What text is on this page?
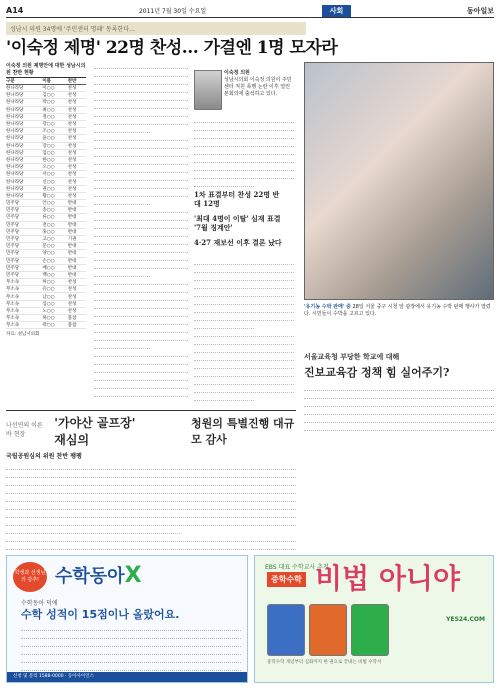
A14	2011년 7월 30일 수요일	사회	동아일보
성남시 의원 34명에 '주민센터 명패' 동록한다…
'이숙정 제명' 22명 찬성… 가결엔 1명 모자라
이숙정 의원 제명안에 대한 성남시의원 찬반 현황
구분	이름	찬반
한나라당	이○○	찬성
한나라당	김○○	찬성
한나라당	박○○	찬성
한나라당	최○○	찬성
한나라당	정○○	찬성
한나라당	강○○	찬성
한나라당	조○○	찬성
한나라당	윤○○	찬성
한나라당	장○○	찬성
한나라당	임○○	찬성
한나라당	한○○	찬성
한나라당	오○○	찬성
한나라당	서○○	찬성
한나라당	신○○	찬성
한나라당	권○○	찬성
한나라당	황○○	찬성
민주당	안○○	반대
민주당	송○○	반대
민주당	류○○	반대
민주당	전○○	반대
민주당	홍○○	반대
민주당	고○○	기권
민주당	문○○	반대
민주당	양○○	반대
민주당	손○○	반대
민주당	배○○	반대
민주당	백○○	반대
무소속	허○○	찬성
무소속	유○○	찬성
무소속	남○○	찬성
무소속	심○○	찬성
무소속	노○○	찬성
무소속	하○○	불참
무소속	곽○○	불참
자료: 성남시의회
이숙정 의원
성남시의회 이숙정 의원이 주민센터 직원 폭행 논란 이후 열린 본회의에 출석하고 있다.
1차 표결부터 찬성 22명 반대 12명
'최대 4명이 이탈' 심재 표결 '7월 징계안'
4·27 재보선 이후 결론 났다
'유기농 수박 판매' 중 28일 서울 중구 시청 앞 광장에서 유기농 수박 판매 행사가 열렸다. 시민들이 수박을 고르고 있다.
서울교육청 부당한 학교에 대해
진보교육감 정책 힘 실어주기?
나선연의 이른바 현장
'가야산 골프장' 재심의
청원의 특별진행 대규모 감사
국립공원심의 위원 찬반 팽팽
학생과 선생님의 감추! 수학동아X
수학동아 덕에
수학 성적이 15점이나 올랐어요.
신청 및 문의 1588-0000 · 동아사이언스
EBS 대표 수학교사 추천
중학수학 비법 아니야
YES24.COM
중학수학 개념부터 심화까지 한 권으로 끝내는 비법 수학서
